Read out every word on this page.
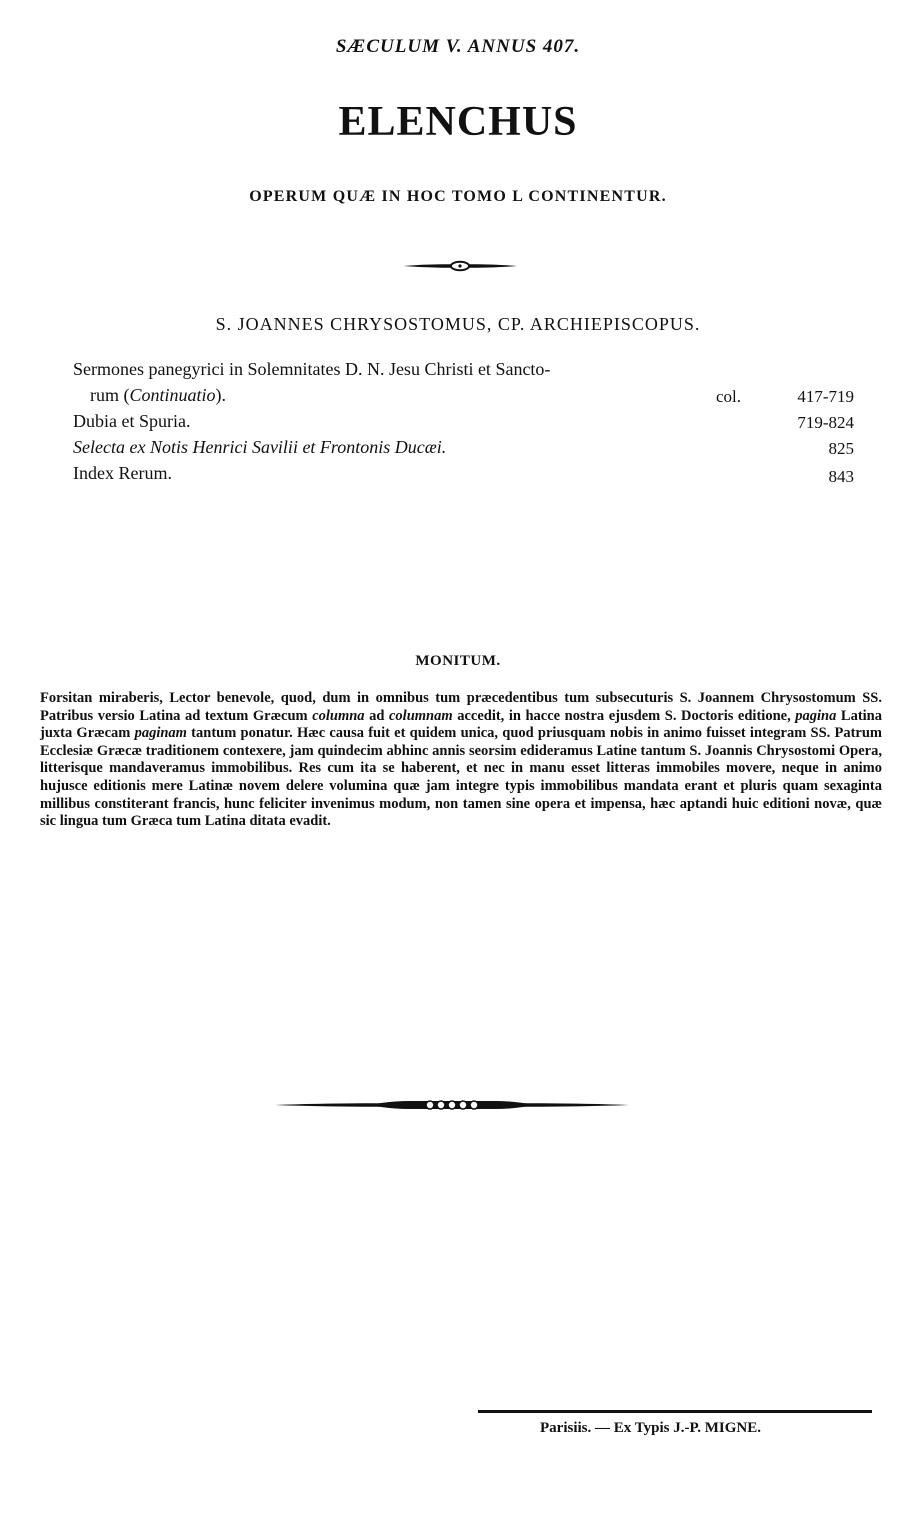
SÆCULUM V. ANNUS 407.
ELENCHUS
OPERUM QUÆ IN HOC TOMO L CONTINENTUR.
S. JOANNES CHRYSOSTOMUS, CP. ARCHIEPISCOPUS.
Sermones panegyrici in Solemnitates D. N. Jesu Christi et Sancto-
rum (Continuatio).	col.	417-719
Dubia et Spuria.	719-824
Selecta ex Notis Henrici Savilii et Frontonis Ducæi.	825
Index Rerum.	843
MONITUM.
Forsitan miraberis, Lector benevole, quod, dum in omnibus tum præcedentibus tum subsecuturis S. Joannem Chrysostomum SS. Patribus versio Latina ad textum Græcum columna ad columnam accedit, in hacce nostra ejusdem S. Doctoris editione, pagina Latina juxta Græcam paginam tantum ponatur. Hæc causa fuit et quidem unica, quod priusquam nobis in animo fuisset integram SS. Patrum Ecclesiæ Græcæ traditionem contexere, jam quindecim abhinc annis seorsim edideramus Latine tantum S. Joannis Chrysostomi Opera, litterisque mandaveramus immobilibus. Res cum ita se haberent, et nec in manu esset litteras immobiles movere, neque in animo hujusce editionis mere Latinæ novem delere volumina quæ jam integre typis immobilibus mandata erant et pluris quam sexaginta millibus constiterant francis, hunc feliciter invenimus modum, non tamen sine opera et impensa, hæc aptandi huic editioni novæ, quæ sic lingua tum Græca tum Latina ditata evadit.
Parisiis. — Ex Typis J.-P. MIGNE.
